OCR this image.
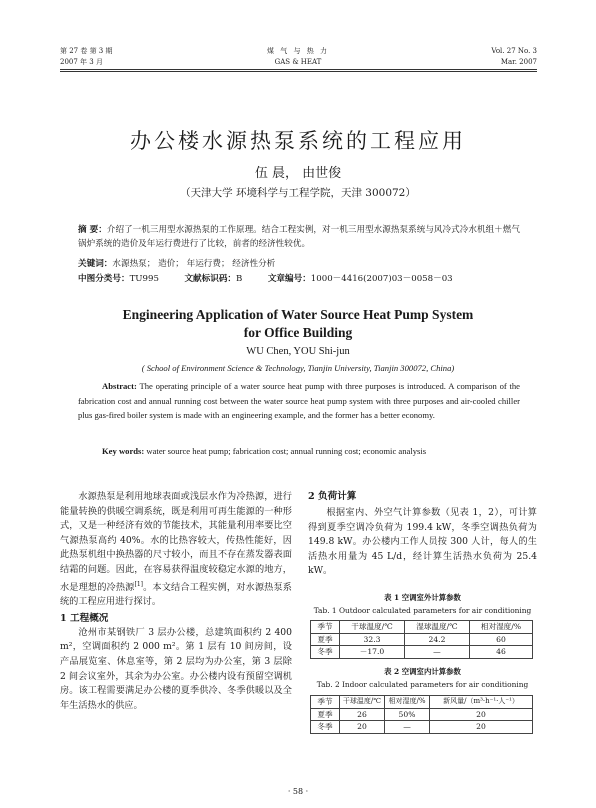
第 27 卷 第 3 期
2007 年 3 月
煤 气 与 热 力
GAS & HEAT
Vol. 27 No. 3
Mar. 2007
办公楼水源热泵系统的工程应用
伍 晨， 由世俊
（天津大学 环境科学与工程学院，天津 300072）
摘 要：介绍了一机三用型水源热泵的工作原理。结合工程实例，对一机三用型水源热泵系统与风冷式冷水机组＋燃气锅炉系统的造价及年运行费进行了比较，前者的经济性较优。
关键词：水源热泵； 造价； 年运行费； 经济性分析
中图分类号：TU995	文献标识码：B	文章编号：1000－4416(2007)03－0058－03
Engineering Application of Water Source Heat Pump System
for Office Building
WU Chen, YOU Shi-jun
( School of Environment Science & Technology, Tianjin University, Tianjin 300072, China)
Abstract: The operating principle of a water source heat pump with three purposes is introduced. A comparison of the fabrication cost and annual running cost between the water source heat pump system with three purposes and air-cooled chiller plus gas-fired boiler system is made with an engineering example, and the former has a better economy.
Key words: water source heat pump; fabrication cost; annual running cost; economic analysis

水源热泵是利用地球表面或浅层水作为冷热源，进行能量转换的供暖空调系统，既是利用可再生能源的一种形式，又是一种经济有效的节能技术，其能量利用率要比空气源热泵高约 40%。水的比热容较大，传热性能好，因此热泵机组中换热器的尺寸较小，而且不存在蒸发器表面结霜的问题。因此，在容易获得温度较稳定水源的地方，水是理想的冷热源[1]。本文结合工程实例，对水源热泵系统的工程应用进行探讨。

1 工程概况

沧州市某钢铁厂 3 层办公楼，总建筑面积约 2 400 m²，空调面积约 2 000 m²。第 1 层有 10 间房间，设产品展览室、休息室等，第 2 层均为办公室，第 3 层除 2 间会议室外，其余为办公室。办公楼内设有预留空调机房。该工程需要满足办公楼的夏季供冷、冬季供暖以及全年生活热水的供应。

2 负荷计算

根据室内、外空气计算参数（见表 1，2），可计算得到夏季空调冷负荷为 199.4 kW，冬季空调热负荷为 149.8 kW。办公楼内工作人员按 300 人计，每人的生活热水用量为 45 L/d，经计算生活热水负荷为 25.4 kW。

表 1 空调室外计算参数
Tab. 1 Outdoor calculated parameters for air conditioning
季节	干球温度/℃	湿球温度/℃	相对湿度/%
夏季	32.3	24.2	60
冬季	－17.0	—	46
表 2 空调室内计算参数
Tab. 2 Indoor calculated parameters for air conditioning
季节	干球温度/℃	相对湿度/%	新风量/（m³·h⁻¹·人⁻¹）
夏季	26	50%	20
冬季	20	—	20
· 58 ·
